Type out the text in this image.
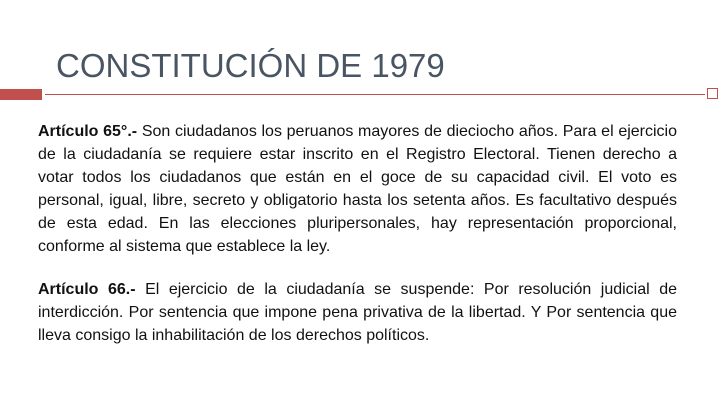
CONSTITUCIÓN DE 1979

Artículo 65°.- Son ciudadanos los peruanos mayores de dieciocho años. Para el ejercicio de la ciudadanía se requiere estar inscrito en el Registro Electoral. Tienen derecho a votar todos los ciudadanos que están en el goce de su capacidad civil. El voto es personal, igual, libre, secreto y obligatorio hasta los setenta años. Es facultativo después de esta edad. En las elecciones pluripersonales, hay representación proporcional, conforme al sistema que establece la ley.

Artículo 66.- El ejercicio de la ciudadanía se suspende: Por resolución judicial de interdicción. Por sentencia que impone pena privativa de la libertad. Y Por sentencia que lleva consigo la inhabilitación de los derechos políticos.
